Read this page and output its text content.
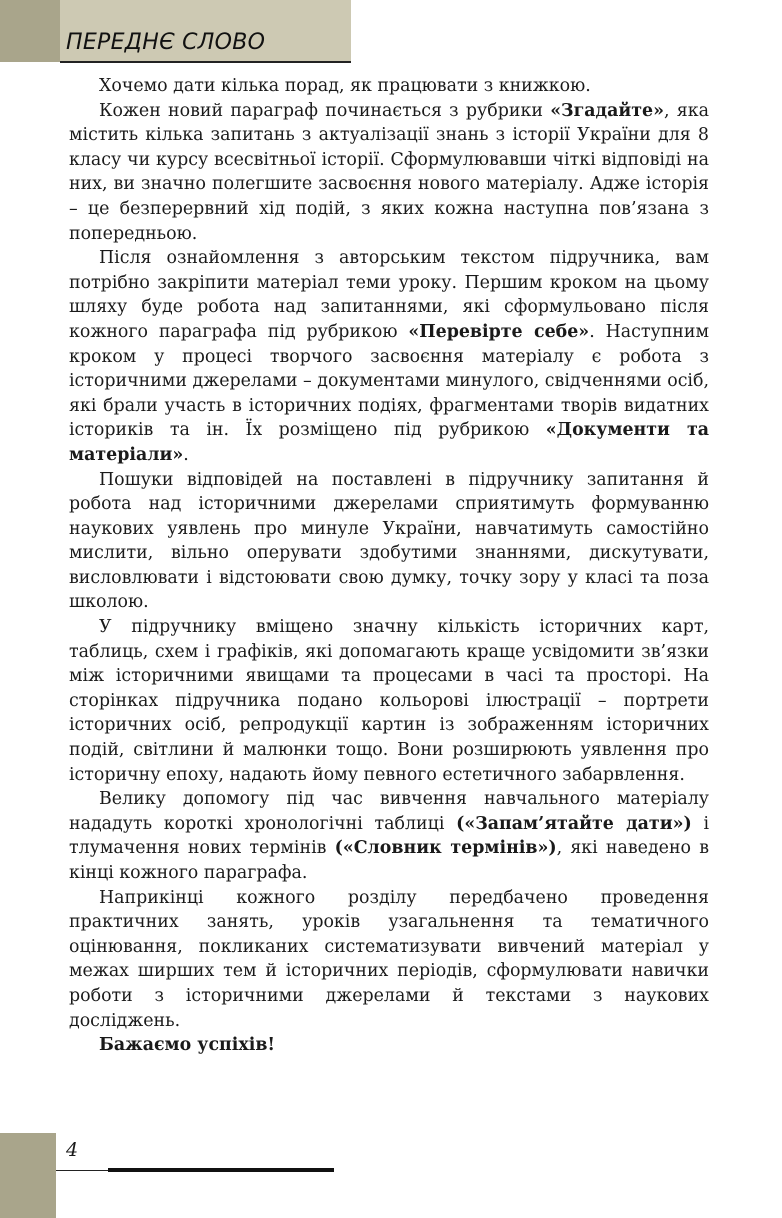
ПЕРЕДНЄ СЛОВО

Хочемо дати кілька порад, як працювати з книжкою.

Кожен новий параграф починається з рубрики «Згадайте», яка містить кілька запитань з актуалізації знань з історії України для 8 класу чи курсу всесвітньої історії. Сформулювавши чіткі відповіді на них, ви значно полегшите засвоєння нового матеріалу. Адже історія – це безперервний хід подій, з яких кожна наступна пов’язана з попередньою.

Після ознайомлення з авторським текстом підручника, вам потрібно закріпити матеріал теми уроку. Першим кроком на цьому шляху буде робота над запитаннями, які сформульовано після кожного параграфа під рубрикою «Перевірте себе». Наступним кроком у процесі творчого засвоєння матеріалу є робота з історичними джерелами – документами минулого, свідченнями осіб, які брали участь в історичних подіях, фрагментами творів видатних істориків та ін. Їх розміщено під рубрикою «Документи та матеріали».

Пошуки відповідей на поставлені в підручнику запитання й робота над історичними джерелами сприятимуть формуванню наукових уявлень про минуле України, навчатимуть самостійно мислити, вільно оперувати здобутими знаннями, дискутувати, висловлювати і відстоювати свою думку, точку зору у класі та поза школою.

У підручнику вміщено значну кількість історичних карт, таблиць, схем і графіків, які допомагають краще усвідомити зв’язки між історичними явищами та процесами в часі та просторі. На сторінках підручника подано кольорові ілюстрації – портрети історичних осіб, репродукції картин із зображенням історичних подій, світлини й малюнки тощо. Вони розширюють уявлення про історичну епоху, надають йому певного естетичного забарвлення.

Велику допомогу під час вивчення навчального матеріалу нададуть короткі хронологічні таблиці («Запам’ятайте дати») і тлумачення нових термінів («Словник термінів»), які наведено в кінці кожного параграфа.

Наприкінці кожного розділу передбачено проведення практичних занять, уроків узагальнення та тематичного оцінювання, покликаних систематизувати вивчений матеріал у межах ширших тем й історичних періодів, сформулювати навички роботи з історичними джерелами й текстами з наукових досліджень.

Бажаємо успіхів!

4
